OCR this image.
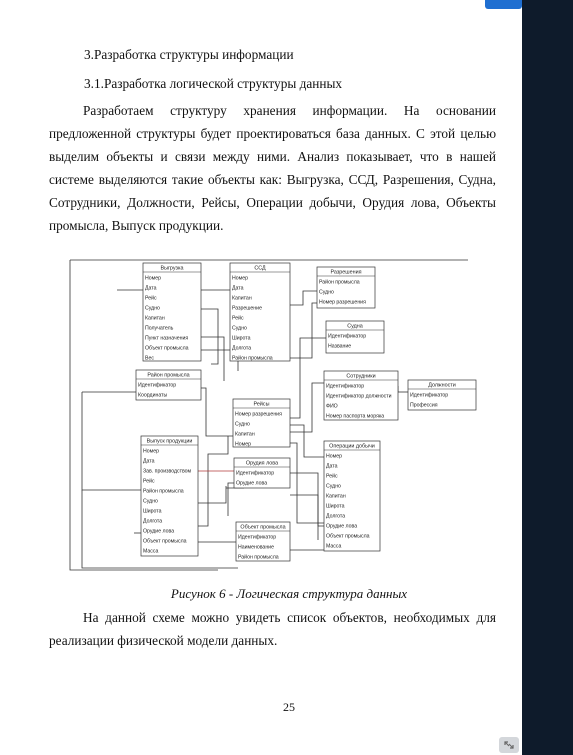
3.Разработка структуры информации
3.1.Разработка логической структуры данных
Разработаем структуру хранения информации. На основании предложенной структуры будет проектироваться база данных. С этой целью выделим объекты и связи между ними. Анализ показывает, что в нашей системе выделяются такие объекты как: Выгрузка, ССД, Разрешения, Судна, Сотрудники, Должности, Рейсы, Операции добычи, Орудия лова, Объекты промысла, Выпуск продукции.
Выгрузка
Номер
Дата
Рейс
Судно
Капитан
Получатель
Пункт назначения
Объект промысла
Вес
ССД
Номер
Дата
Капитан
Разрешение
Рейс
Судно
Широта
Долгота
Район промысла
Разрешения
Район промысла
Судно
Номер разрешения
Судна
Идентификатор
Название
Район промысла
Идентификатор
Координаты
Сотрудники
Идентификатор
Идентификатор должности
ФИО
Номер паспорта моряка
Должности
Идентификатор
Профессия
Рейсы
Номер разрешения
Судно
Капитан
Номер
Выпуск продукции
Номер
Дата
Зав. производством
Рейс
Район промысла
Судно
Широта
Долгота
Орудие лова
Объект промысла
Масса
Орудия лова
Идентификатор
Орудие лова
Операции добычи
Номер
Дата
Рейс
Судно
Капитан
Широта
Долгота
Орудие лова
Объект промысла
Масса
Объект промысла
Идентификатор
Наименование
Район промысла
Рисунок 6 - Логическая структура данных
На данной схеме можно увидеть список объектов, необходимых для реализации физической модели данных.
25
